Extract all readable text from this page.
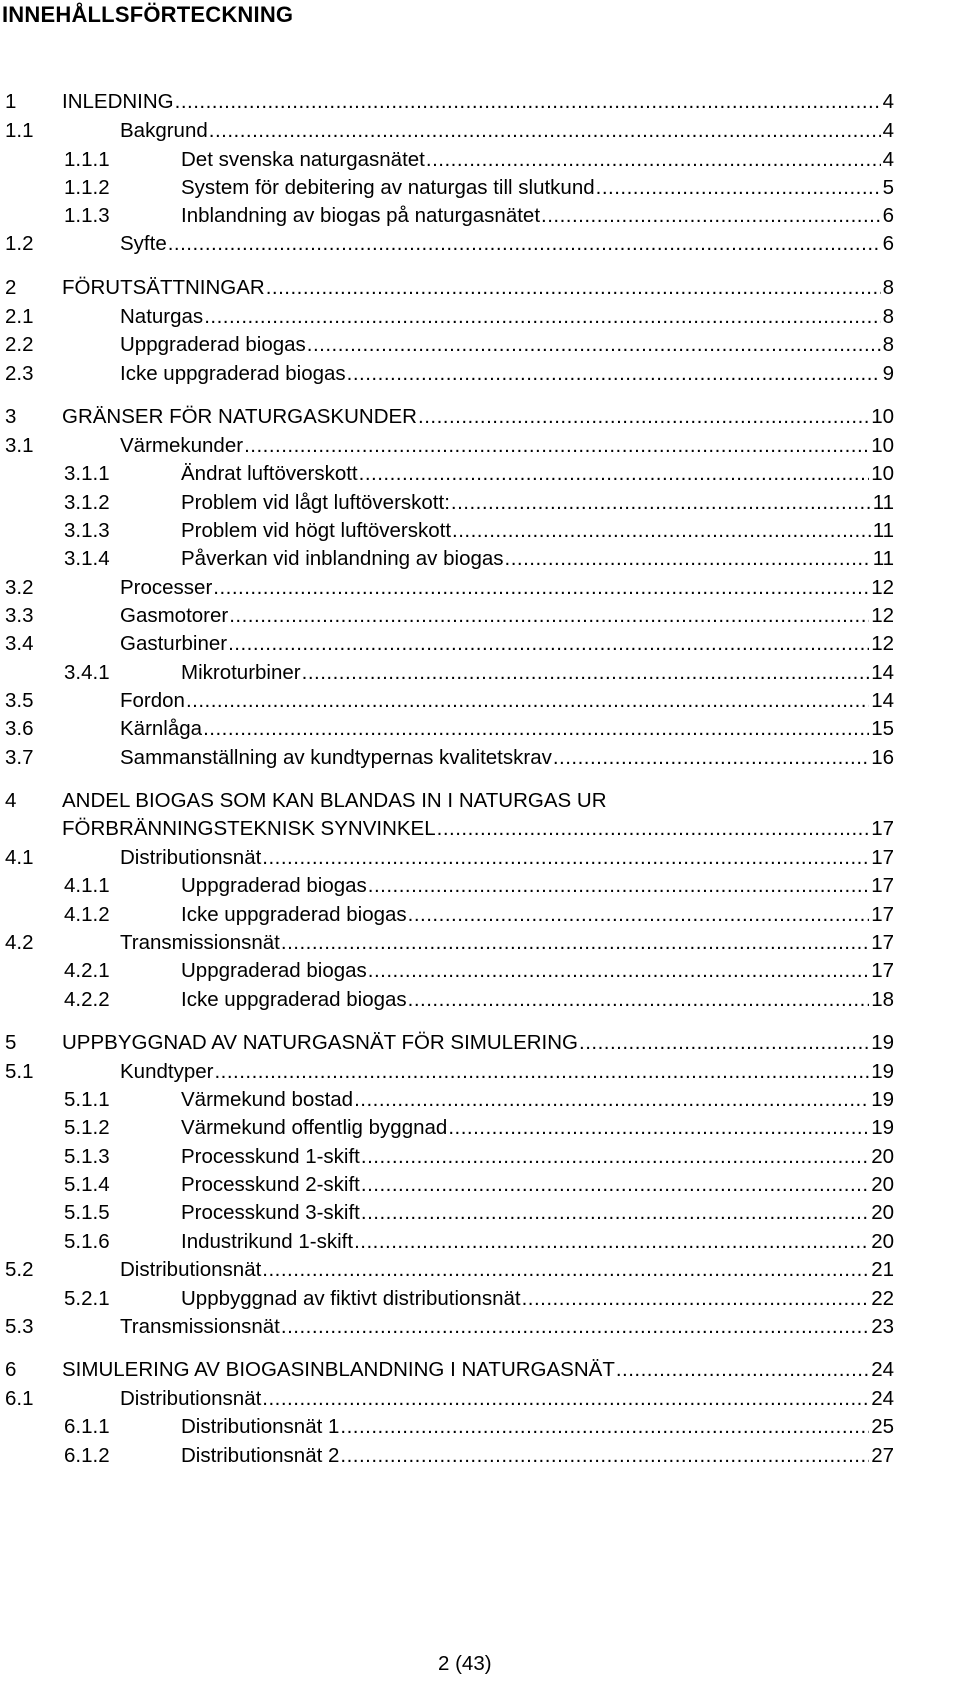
INNEHÅLLSFÖRTECKNING
1 INLEDNING . . .	4
1.1	Bakgrund . . .	4
1.1.1	Det svenska naturgasnätet . . .	4
1.1.2	System för debitering av naturgas till slutkund . . .	5
1.1.3	Inblandning av biogas på naturgasnätet . . .	6
1.2	Syfte . . .	6
2 FÖRUTSÄTTNINGAR . . .	8
2.1	Naturgas . . .	8
2.2	Uppgraderad biogas . . .	8
2.3	Icke uppgraderad biogas . . .	9
3 GRÄNSER FÖR NATURGASKUNDER . . .	10
3.1	Värmekunder . . .	10
3.1.1	Ändrat luftöverskott . . .	10
3.1.2	Problem vid lågt luftöverskott: . . .	11
3.1.3	Problem vid högt luftöverskott . . .	11
3.1.4	Påverkan vid inblandning av biogas . . .	11
3.2	Processer . . .	12
3.3	Gasmotorer . . .	12
3.4	Gasturbiner . . .	12
3.4.1	Mikroturbiner . . .	14
3.5	Fordon . . .	14
3.6	Kärnlåga . . .	15
3.7	Sammanställning av kundtypernas kvalitetskrav . . .	16
4 ANDEL BIOGAS SOM KAN BLANDAS IN I NATURGAS UR
FÖRBRÄNNINGSTEKNISK SYNVINKEL . . .	17
4.1	Distributionsnät . . .	17
4.1.1	Uppgraderad biogas . . .	17
4.1.2	Icke uppgraderad biogas . . .	17
4.2	Transmissionsnät . . .	17
4.2.1	Uppgraderad biogas . . .	17
4.2.2	Icke uppgraderad biogas . . .	18
5 UPPBYGGNAD AV NATURGASNÄT FÖR SIMULERING . . .	19
5.1	Kundtyper . . .	19
5.1.1	Värmekund bostad . . .	19
5.1.2	Värmekund offentlig byggnad . . .	19
5.1.3	Processkund 1-skift . . .	20
5.1.4	Processkund 2-skift . . .	20
5.1.5	Processkund 3-skift . . .	20
5.1.6	Industrikund 1-skift . . .	20
5.2	Distributionsnät . . .	21
5.2.1	Uppbyggnad av fiktivt distributionsnät . . .	22
5.3	Transmissionsnät . . .	23
6 SIMULERING AV BIOGASINBLANDNING I NATURGASNÄT . . .	24
6.1	Distributionsnät . . .	24
6.1.1	Distributionsnät 1 . . .	25
6.1.2	Distributionsnät 2 . . .	27
2 (43)
